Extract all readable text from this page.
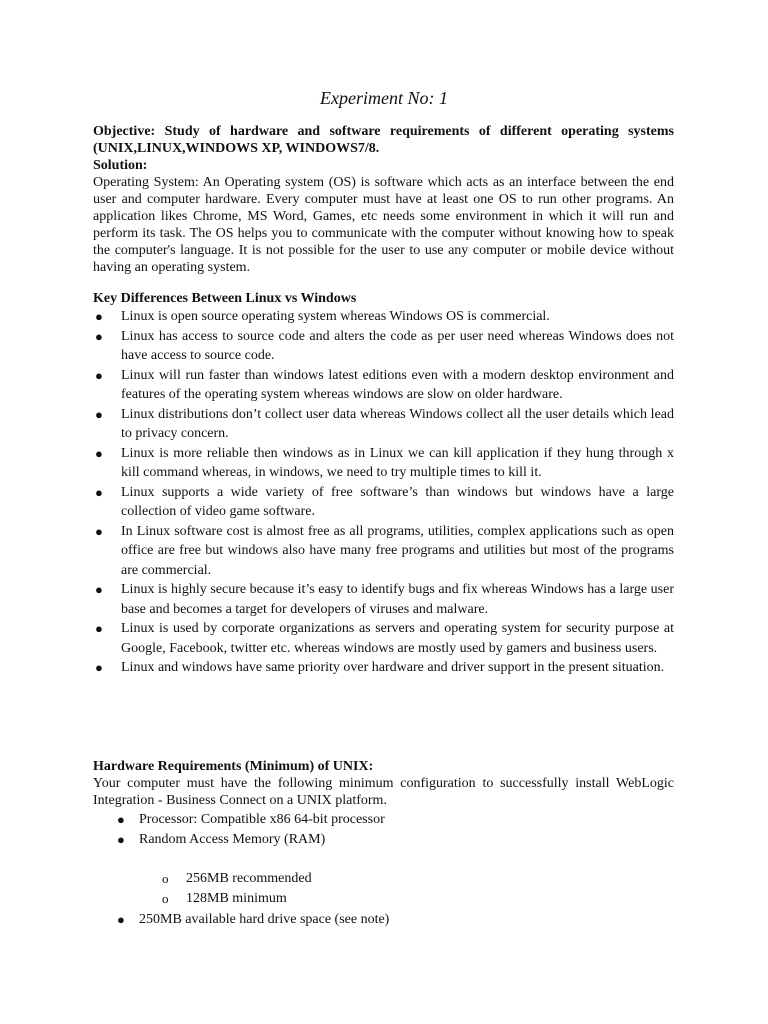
Experiment No: 1
Objective: Study of hardware and software requirements of different operating systems (UNIX,LINUX,WINDOWS XP, WINDOWS7/8.
Solution:
Operating System: An Operating system (OS) is software which acts as an interface between the end user and computer hardware. Every computer must have at least one OS to run other programs. An application likes Chrome, MS Word, Games, etc needs some environment in which it will run and perform its task. The OS helps you to communicate with the computer without knowing how to speak the computer's language. It is not possible for the user to use any computer or mobile device without having an operating system.
Key Differences Between Linux vs Windows
● Linux is open source operating system whereas Windows OS is commercial.
● Linux has access to source code and alters the code as per user need whereas Windows does not have access to source code.
● Linux will run faster than windows latest editions even with a modern desktop environment and features of the operating system whereas windows are slow on older hardware.
● Linux distributions don’t collect user data whereas Windows collect all the user details which lead to privacy concern.
● Linux is more reliable then windows as in Linux we can kill application if they hung through x kill command whereas, in windows, we need to try multiple times to kill it.
● Linux supports a wide variety of free software’s than windows but windows have a large collection of video game software.
● In Linux software cost is almost free as all programs, utilities, complex applications such as open office are free but windows also have many free programs and utilities but most of the programs are commercial.
● Linux is highly secure because it’s easy to identify bugs and fix whereas Windows has a large user base and becomes a target for developers of viruses and malware.
● Linux is used by corporate organizations as servers and operating system for security purpose at Google, Facebook, twitter etc. whereas windows are mostly used by gamers and business users.
● Linux and windows have same priority over hardware and driver support in the present situation.
Hardware Requirements (Minimum) of UNIX:
Your computer must have the following minimum configuration to successfully install WebLogic Integration - Business Connect on a UNIX platform.
● Processor: Compatible x86 64-bit processor
● Random Access Memory (RAM)
o 256MB recommended
o 128MB minimum
● 250MB available hard drive space (see note)
